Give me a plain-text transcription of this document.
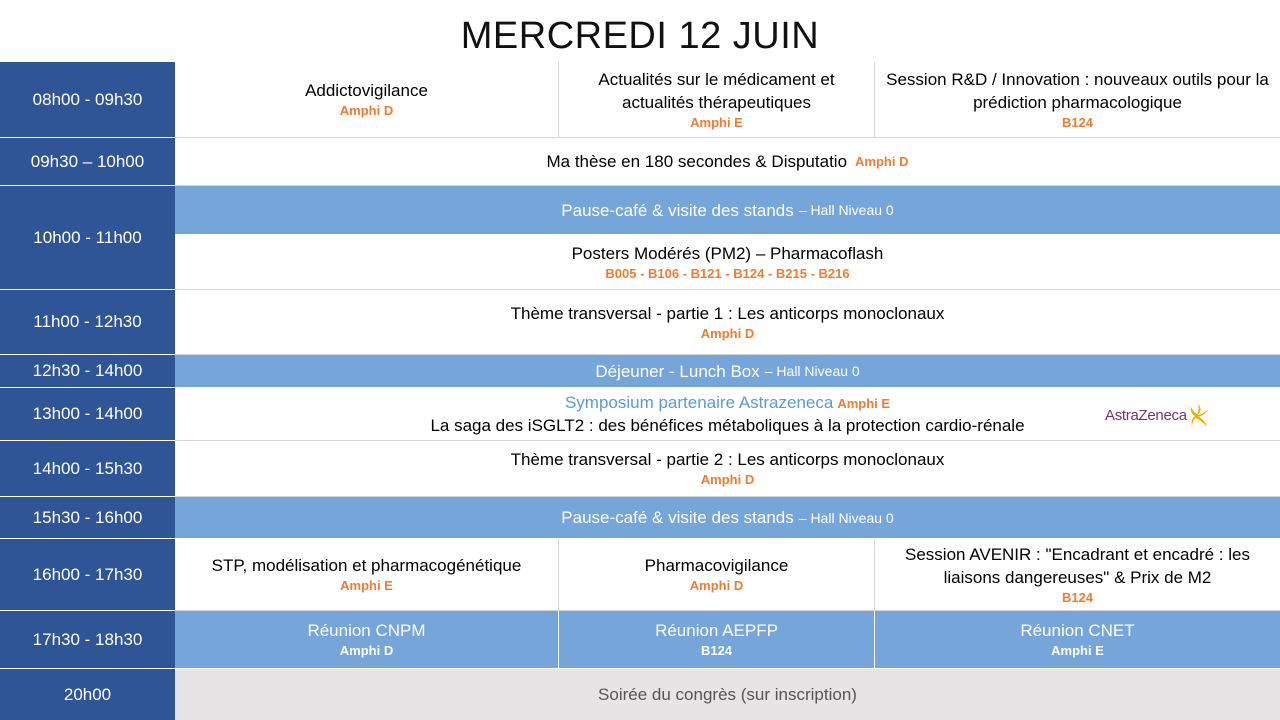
MERCREDI 12 JUIN
08h00 - 09h30
09h30 – 10h00
10h00 - 11h00
11h00 - 12h30
12h30 - 14h00
13h00 - 14h00
14h00 - 15h30
15h30 - 16h00
16h00 - 17h30
17h30 - 18h30
20h00
Addictovigilance
Amphi D
Actualités sur le médicament et actualités thérapeutiques
Amphi E
Session R&D / Innovation : nouveaux outils pour la prédiction pharmacologique
B124
Ma thèse en 180 secondes & Disputatio Amphi D
Pause-café & visite des stands – Hall Niveau 0
Posters Modérés (PM2) – Pharmacoflash
B005 - B106 - B121 - B124 - B215 - B216
Thème transversal - partie 1 : Les anticorps monoclonaux
Amphi D
Déjeuner - Lunch Box – Hall Niveau 0
Symposium partenaire Astrazeneca Amphi E
La saga des iSGLT2 : des bénéfices métaboliques à la protection cardio-rénale
AstraZeneca
Thème transversal - partie 2 : Les anticorps monoclonaux
Amphi D
Pause-café & visite des stands – Hall Niveau 0
STP, modélisation et pharmacogénétique
Amphi E
Pharmacovigilance
Amphi D
Session AVENIR : "Encadrant et encadré : les liaisons dangereuses" & Prix de M2
B124
Réunion CNPM
Amphi D
Réunion AEPFP
B124
Réunion CNET
Amphi E
Soirée du congrès (sur inscription)
